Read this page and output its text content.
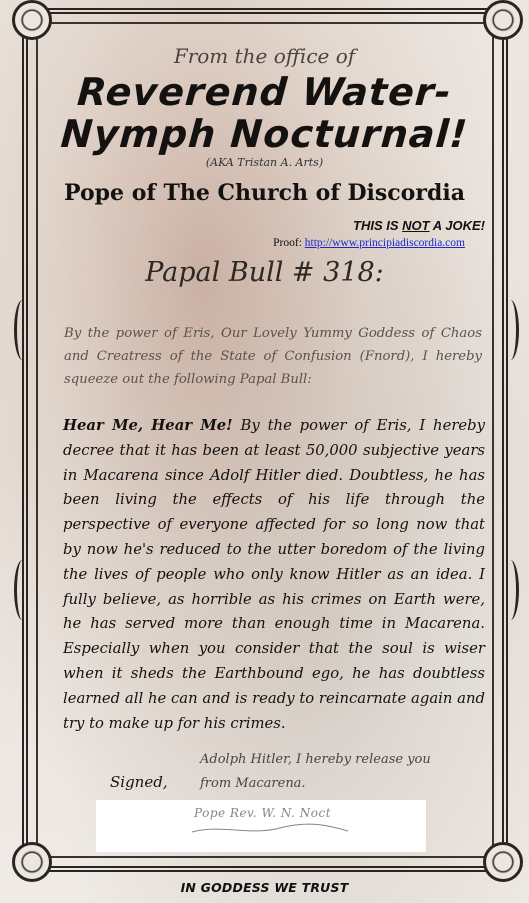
From the office of
Reverend Water-
Nymph Nocturnal!
(AKA Tristan A. Arts)
Pope of The Church of Discordia
THIS IS NOT A JOKE!
Proof: http://www.principiadiscordia.com
Papal Bull # 318:
By the power of Eris, Our Lovely Yummy Goddess of Chaos and Creatress of the State of Confusion (Fnord), I hereby squeeze out the following Papal Bull:
Hear Me, Hear Me! By the power of Eris, I hereby decree that it has been at least 50,000 subjective years in Macarena since Adolf Hitler died. Doubtless, he has been living the effects of his life through the perspective of everyone affected for so long now that by now he's reduced to the utter boredom of the living the lives of people who only know Hitler as an idea. I fully believe, as horrible as his crimes on Earth were, he has served more than enough time in Macarena. Especially when you consider that the soul is wiser when it sheds the Earthbound ego, he has doubtless learned all he can and is ready to reincarnate again and try to make up for his crimes.
Adolph Hitler, I hereby release you from Macarena.
Signed,
Pope Rev. W. N. Noct
IN GODDESS WE TRUST
